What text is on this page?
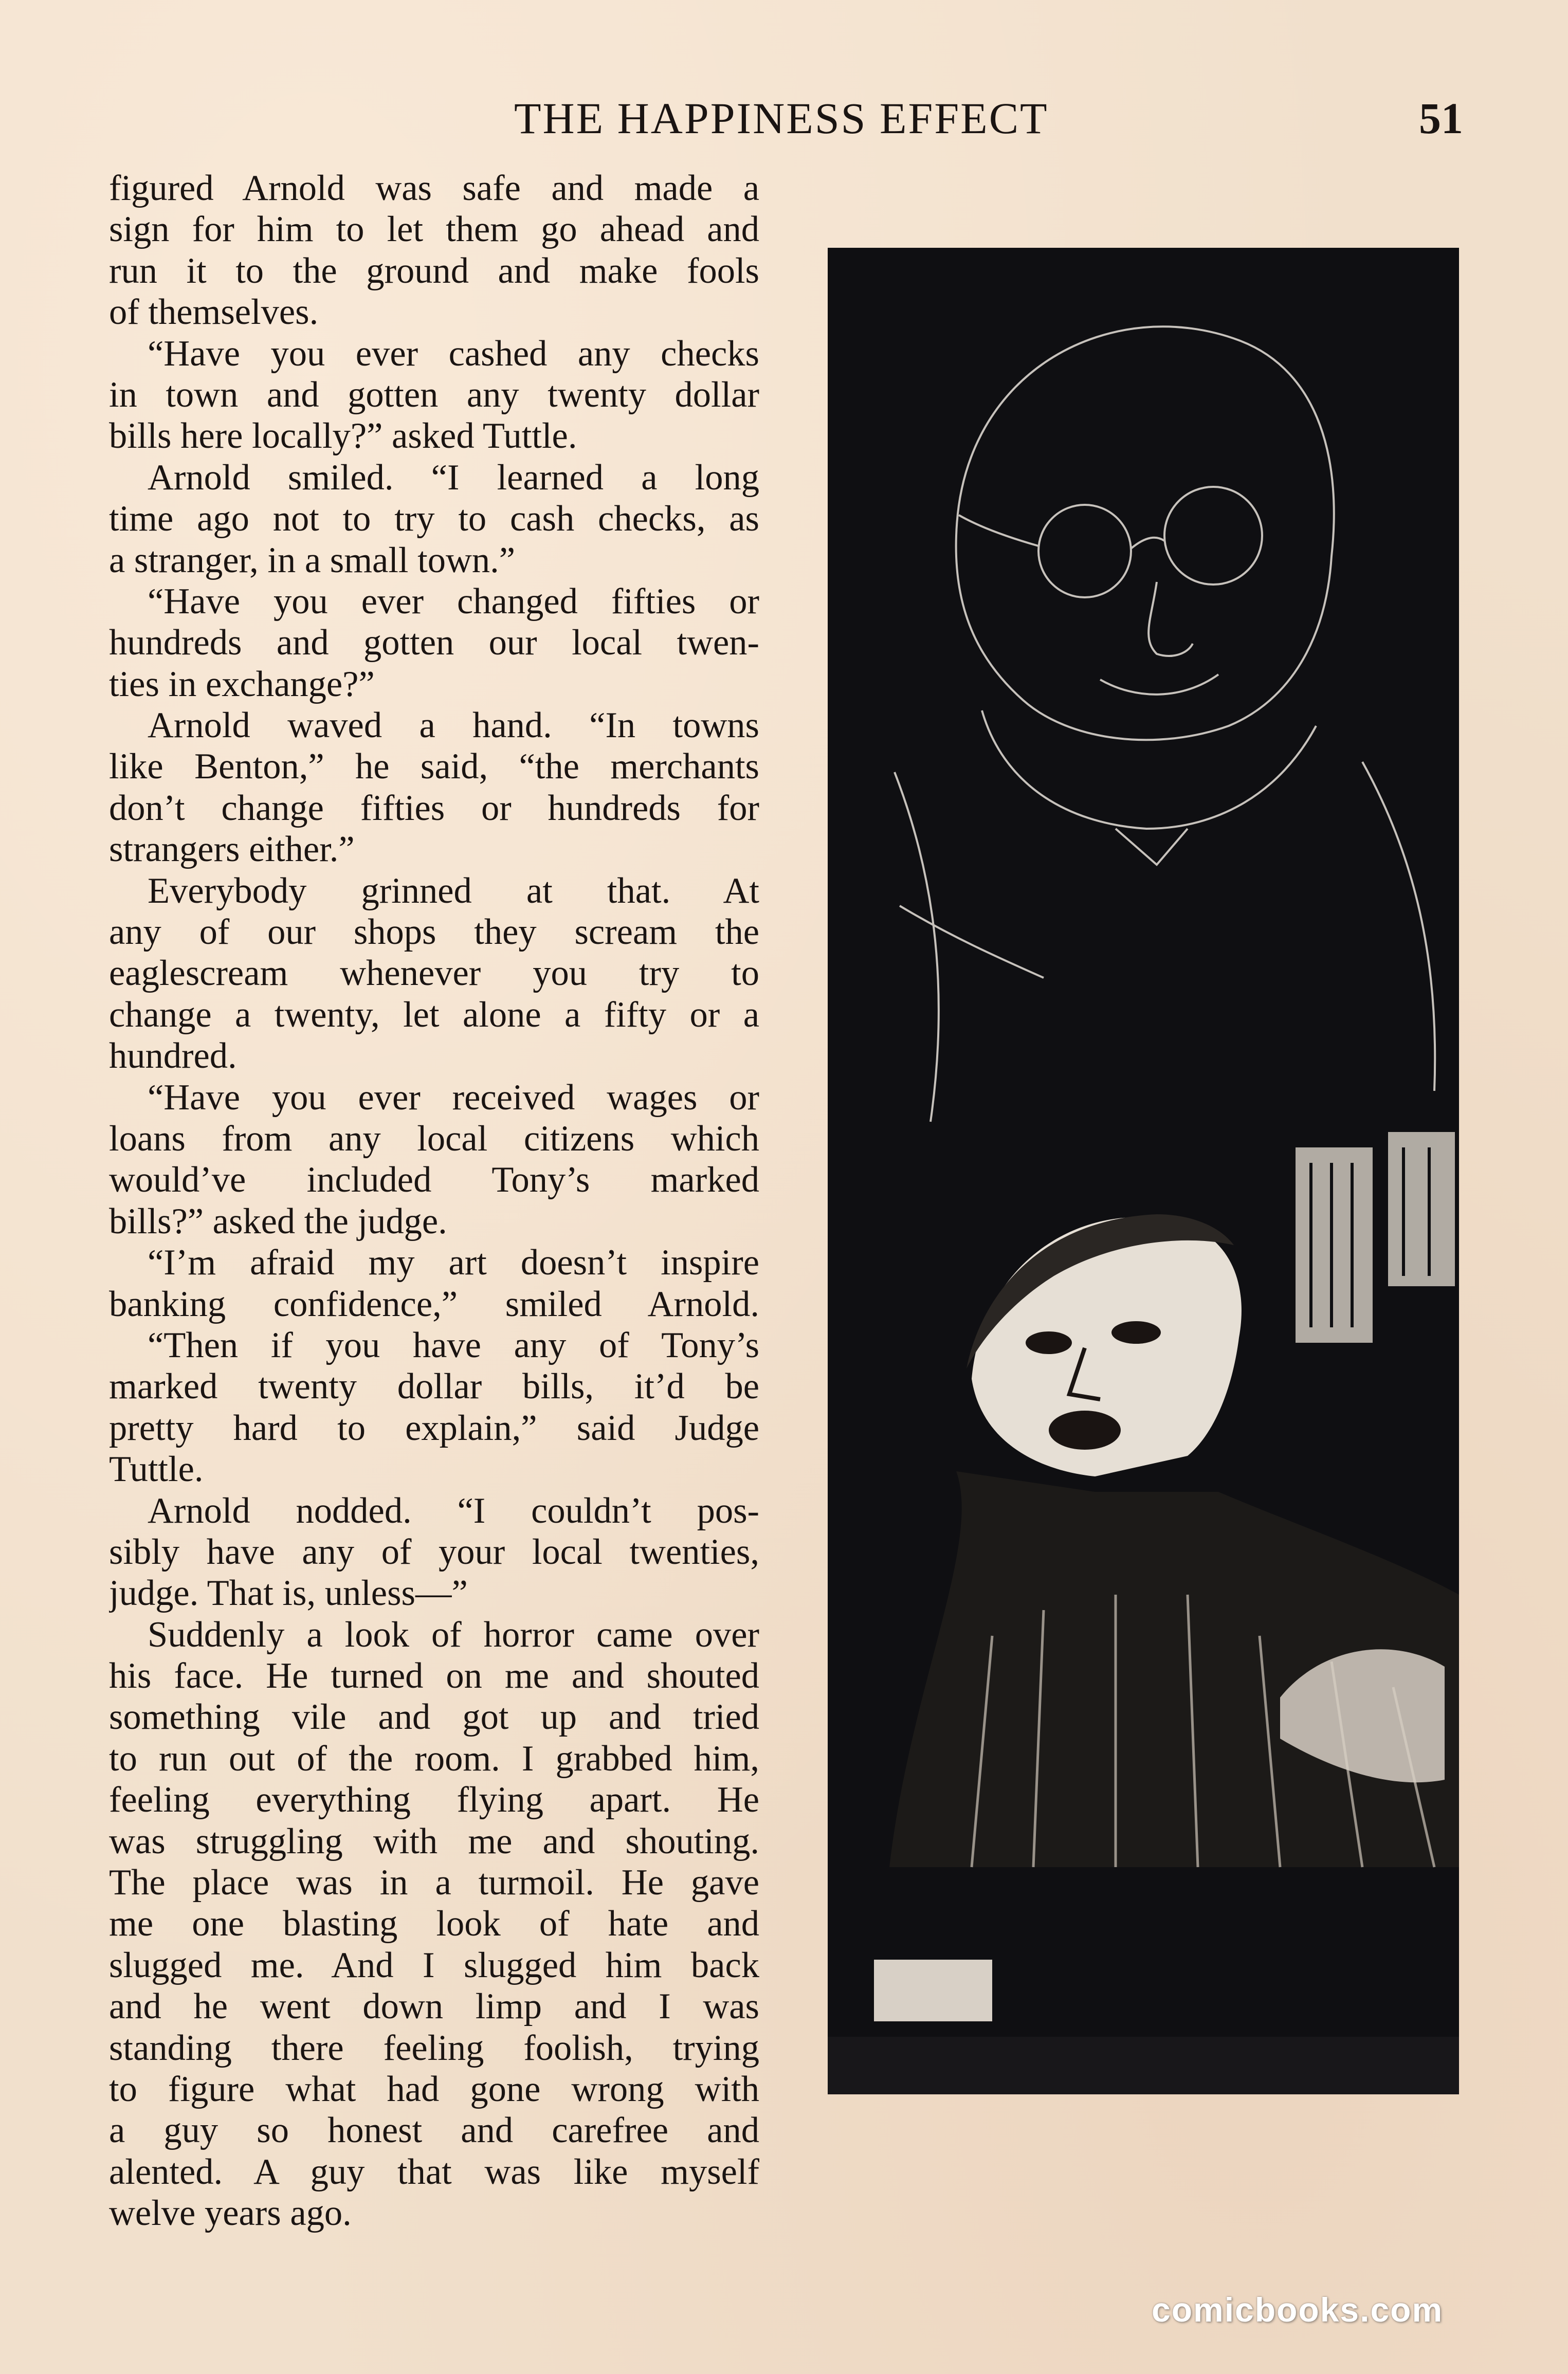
THE HAPPINESS EFFECT	51
figured Arnold was safe and made a
sign for him to let them go ahead and
run it to the ground and make fools
of themselves.
“Have you ever cashed any checks
in town and gotten any twenty dollar
bills here locally?” asked Tuttle.
Arnold smiled. “I learned a long
time ago not to try to cash checks, as
a stranger, in a small town.”
“Have you ever changed fifties or
hundreds and gotten our local twen-
ties in exchange?”
Arnold waved a hand. “In towns
like Benton,” he said, “the merchants
don’t change fifties or hundreds for
strangers either.”
Everybody grinned at that. At
any of our shops they scream the
eaglescream whenever you try to
change a twenty, let alone a fifty or a
hundred.
“Have you ever received wages or
loans from any local citizens which
would’ve included Tony’s marked
bills?” asked the judge.
“I’m afraid my art doesn’t inspire
banking confidence,” smiled Arnold.
“Then if you have any of Tony’s
marked twenty dollar bills, it’d be
pretty hard to explain,” said Judge
Tuttle.
Arnold nodded. “I couldn’t pos-
sibly have any of your local twenties,
judge. That is, unless—”
Suddenly a look of horror came over
his face. He turned on me and shouted
something vile and got up and tried
to run out of the room. I grabbed him,
feeling everything flying apart. He
was struggling with me and shouting.
The place was in a turmoil. He gave
me one blasting look of hate and
slugged me. And I slugged him back
and he went down limp and I was
standing there feeling foolish, trying
to figure what had gone wrong with
a guy so honest and carefree and
alented. A guy that was like myself
welve years ago.
comicbooks.com
